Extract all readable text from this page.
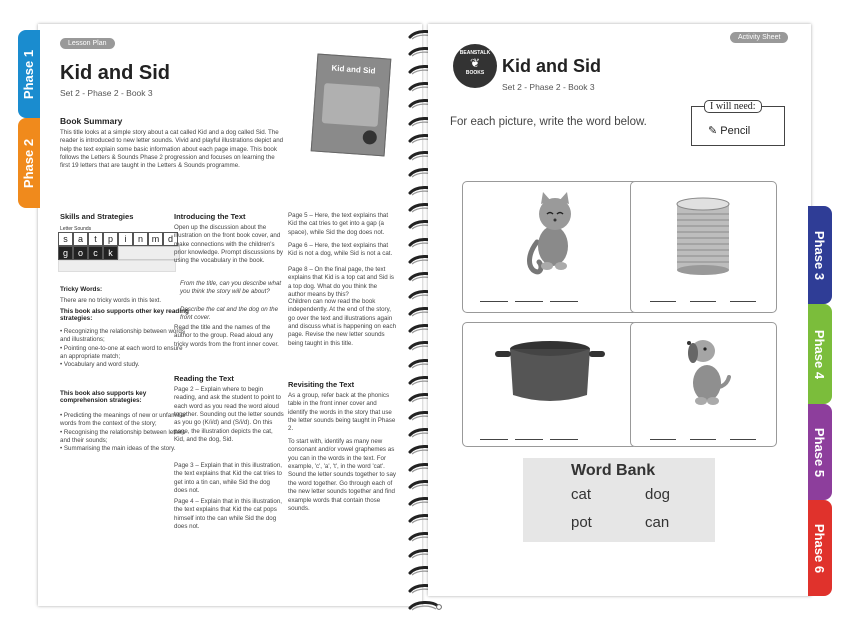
Lesson Plan
Kid and Sid
Set 2 - Phase 2 - Book 3
Kid and Sid
Book Summary
This title looks at a simple story about a cat called Kid and a dog called Sid. The reader is introduced to new letter sounds. Vivid and playful illustrations depict and help the text explain some basic information about each page image. This book follows the Letters & Sounds Phase 2 progression and focuses on learning the first 19 letters that are taught in the Letters & Sounds programme.
Skills and Strategies
Letter Sounds
s	a	t	p	i	n m d
g	o	c	k
Tricky Words:
There are no tricky words in this text.
This book also supports other key reading strategies:
• Recognizing the relationship between words and illustrations;
• Pointing one-to-one at each word to ensure an appropriate match;
• Vocabulary and word study.
This book also supports key comprehension strategies:
• Predicting the meanings of new or unfamiliar words from the context of the story;
• Recognising the relationship between letters and their sounds;
• Summarising the main ideas of the story.
Introducing the Text
Open up the discussion about the illustration on the front book cover, and make connections with the children's prior knowledge. Prompt discussions by using the vocabulary in the book.
From the title, can you describe what you think the story will be about?
Describe the cat and the dog on the front cover.
Read the title and the names of the author to the group. Read aloud any tricky words from the front inner cover.
Reading the Text
Page 2 – Explain where to begin reading, and ask the student to point to each word as you read the word aloud together. Sounding out the letter sounds as you go (K/i/d) and (S/i/d). On this page, the illustration depicts the cat, Kid, and the dog, Sid.
Page 3 – Explain that in this illustration, the text explains that Kid the cat tries to get into a tin can, while Sid the dog does not.
Page 4 – Explain that in this illustration, the text explains that Kid the cat pops himself into the can while Sid the dog does not.
Page 5 – Here, the text explains that Kid the cat tries to get into a gap (a space), while Sid the dog does not.
Page 6 – Here, the text explains that Kid is not a dog, while Sid is not a cat.
Page 8 – On the final page, the text explains that Kid is a top cat and Sid is a top dog. What do you think the author means by this?
Children can now read the book independently. At the end of the story, go over the text and illustrations again and discuss what is happening on each page. Revise the new letter sounds being taught in this title.
Revisiting the Text
As a group, refer back at the phonics table in the front inner cover and identify the words in the story that use the letter sounds being taught in Phase 2.
To start with, identify as many new consonant and/or vowel graphemes as you can in the words in the text. For example, 'c', 'a', 't', in the word 'cat'. Sound the letter sounds together to say the word together. Go through each of the new letter sounds together and find example words that contain those sounds.
Phase 1
Phase 2
Activity Sheet
BEANSTALK
❦
BOOKS Kid and Sid
Set 2 - Phase 2 - Book 3
For each picture, write the word below.
I will need:
✎ Pencil
Word Bank
cat	dog
pot	can
Phase 3
Phase 4
Phase 5
Phase 6
